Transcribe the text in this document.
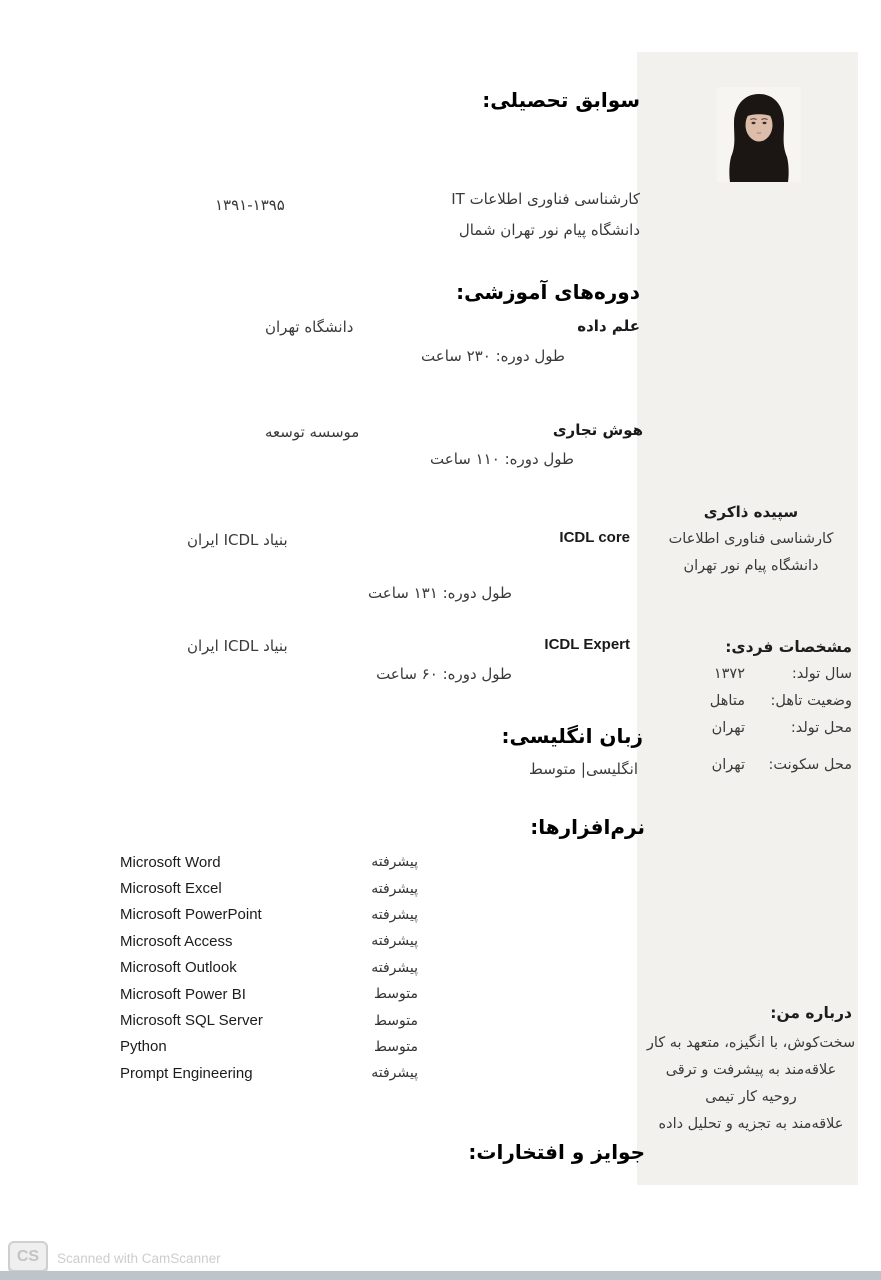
سوابق تحصیلی:
کارشناسی فناوری اطلاعات IT
دانشگاه پیام نور تهران شمال
۱۳۹۱-۱۳۹۵
دوره‌های آموزشی:
علم داده
دانشگاه تهران
طول دوره: ۲۳۰ ساعت
هوش تجاری
موسسه توسعه
طول دوره: ۱۱۰ ساعت
ICDL core
بنیاد ICDL ایران
طول دوره: ۱۳۱ ساعت
ICDL Expert
بنیاد ICDL ایران
طول دوره: ۶۰ ساعت
زبان انگلیسی:
انگلیسی| متوسط
نرم‌افزارها:
Microsoft Word	پیشرفته
Microsoft Excel	پیشرفته
Microsoft PowerPoint	پیشرفته
Microsoft Access	پیشرفته
Microsoft Outlook	پیشرفته
Microsoft Power BI	متوسط
Microsoft SQL Server	متوسط
Python	متوسط
Prompt Engineering	پیشرفته
جوایز و افتخارات:
سپیده ذاکری
کارشناسی فناوری اطلاعات
دانشگاه پیام نور تهران
مشخصات فردی:
سال تولد:
۱۳۷۲
وضعیت تاهل:
متاهل
محل تولد:
تهران
محل سکونت:
تهران
درباره من:
سخت‌کوش، با انگیزه، متعهد به کار
علاقه‌مند به پیشرفت و ترقی
روحیه کار تیمی
علاقه‌مند به تجزیه و تحلیل داده
CS	Scanned with CamScanner
